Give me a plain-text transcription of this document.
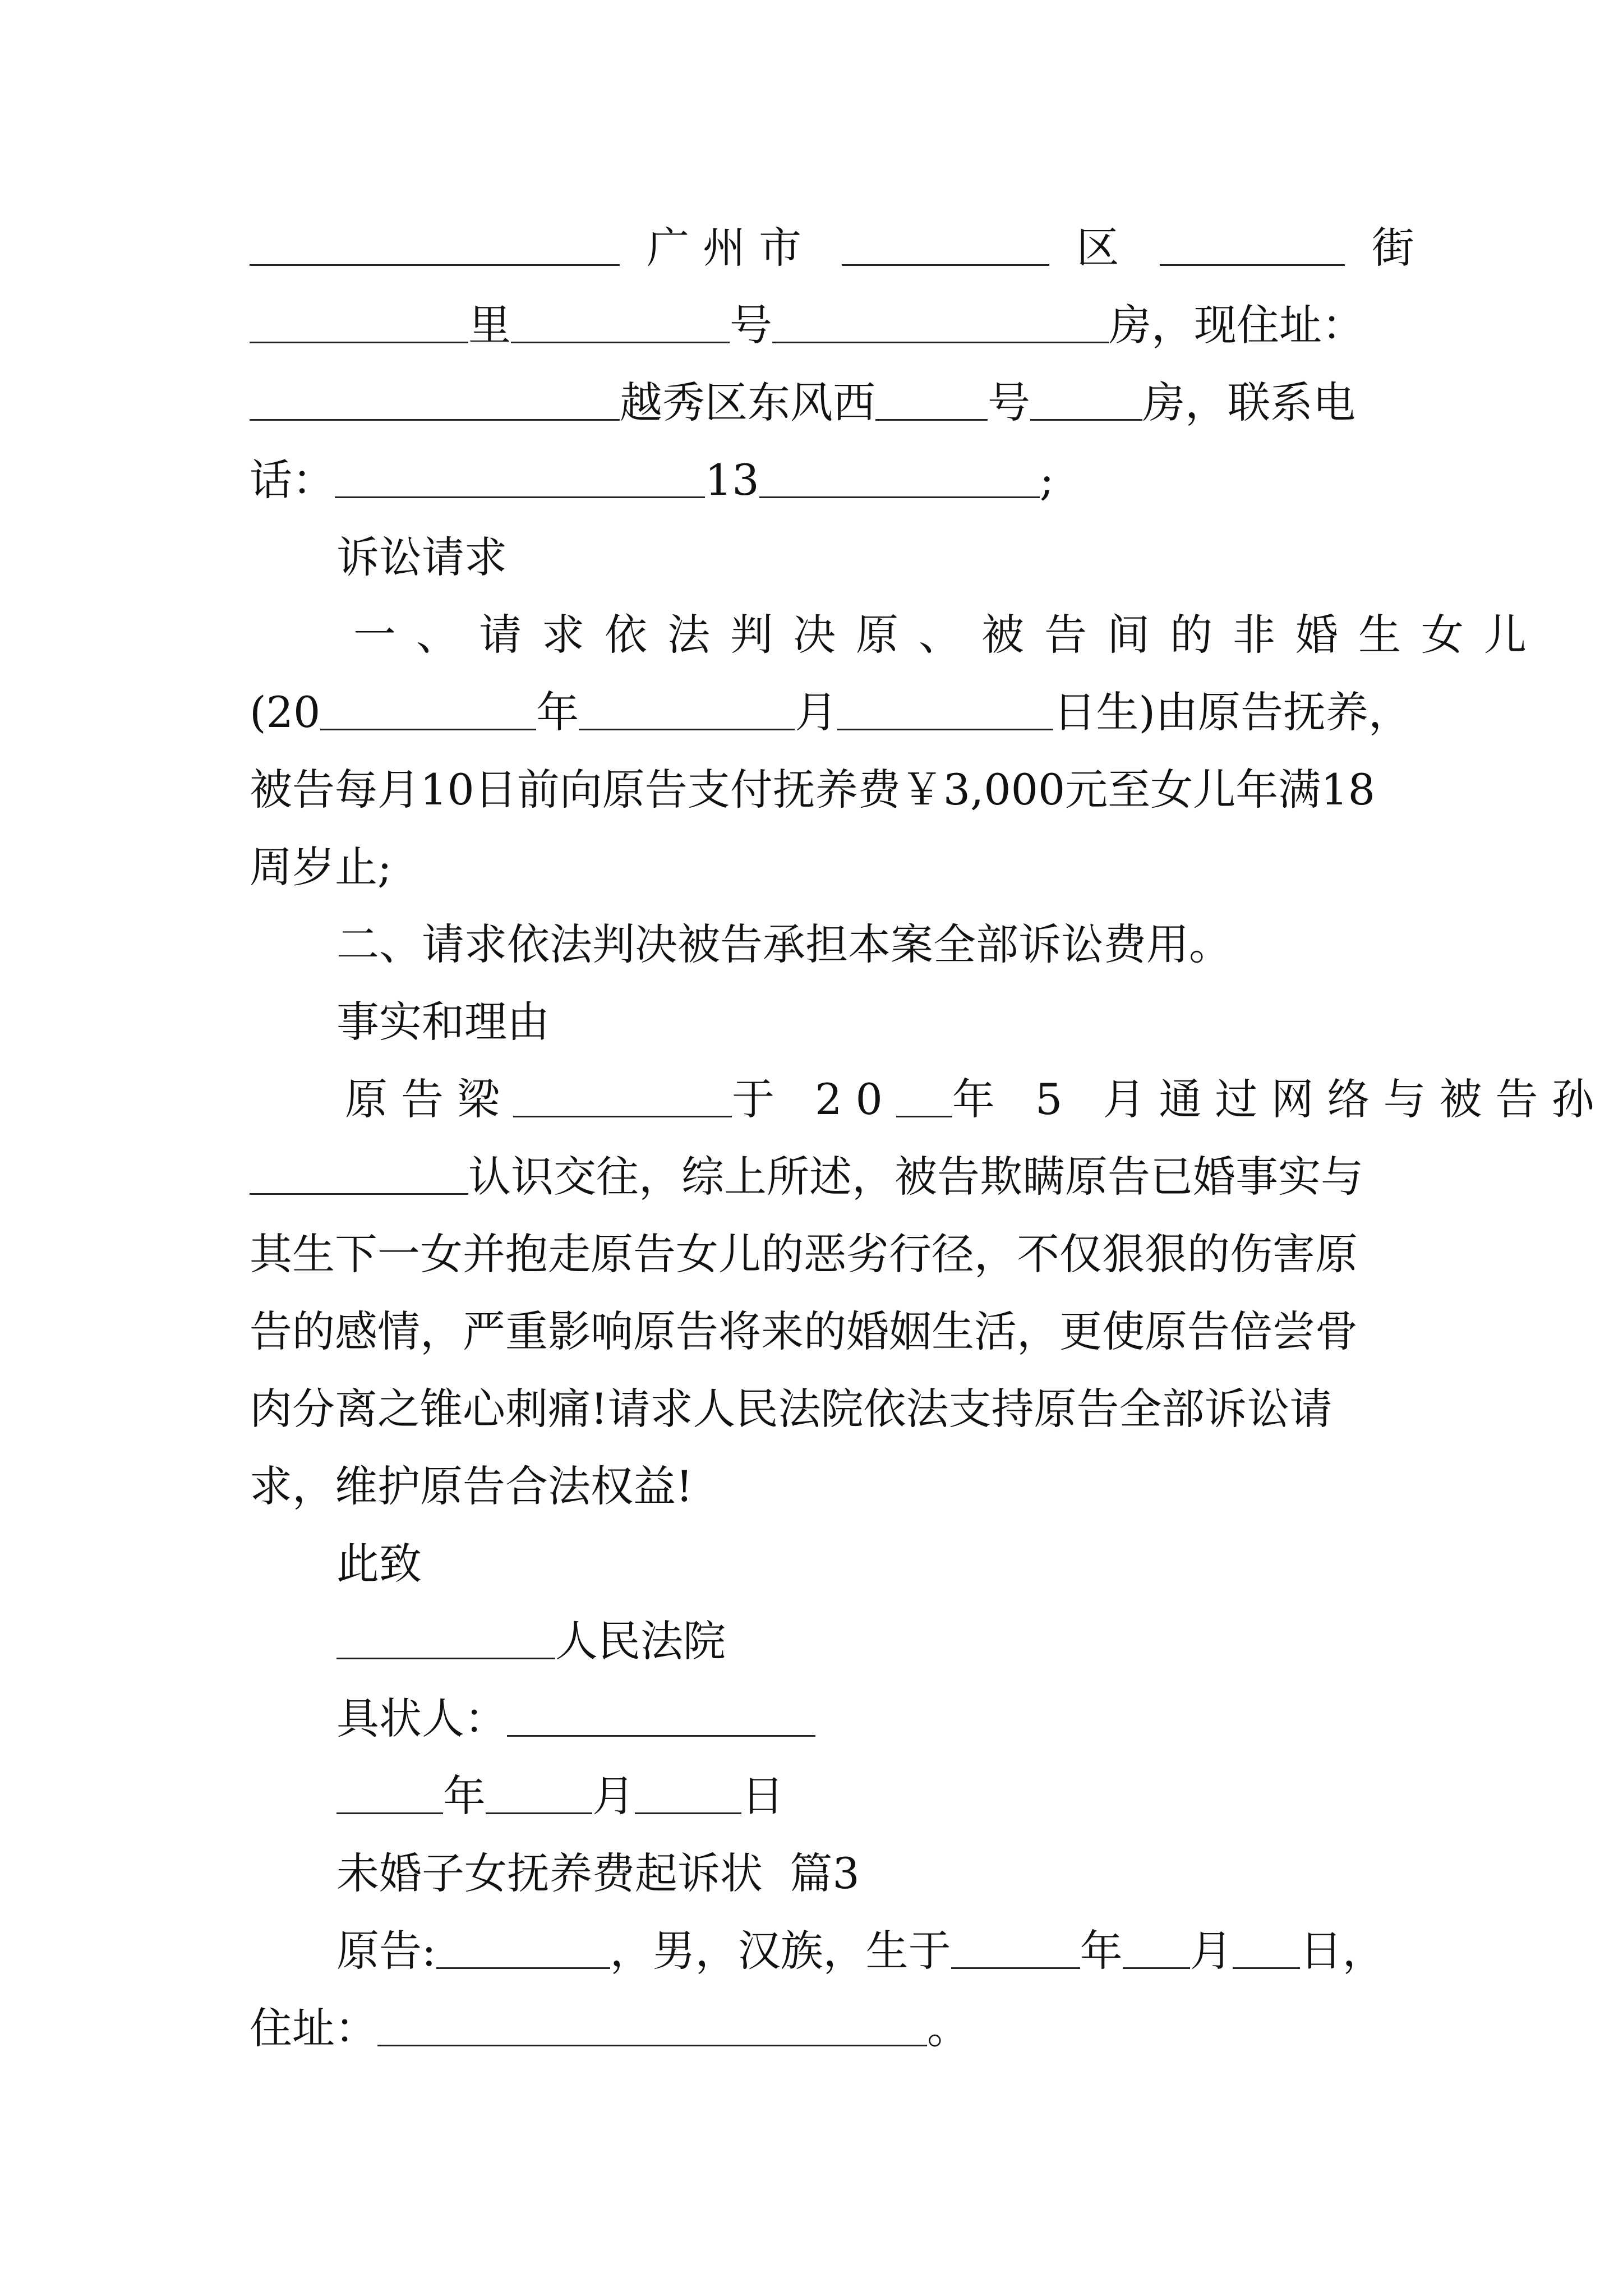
广州市	区	街
里	号	房，现住址：
越秀区东风西	号	房，联系电
话：	13	;
诉讼请求
一、请求依法判决原、被告间的非婚生女儿
(20	年	月	日生)由原告抚养，
被告每月10日前向原告支付抚养费￥3,000元至女儿年满18
周岁止;
二、请求依法判决被告承担本案全部诉讼费用。
事实和理由
原告梁	于 20 年 5 月通过网络与被告孙
认识交往，综上所述，被告欺瞒原告已婚事实与
其生下一女并抱走原告女儿的恶劣行径，不仅狠狠的伤害原
告的感情，严重影响原告将来的婚姻生活，更使原告倍尝骨
肉分离之锥心刺痛!请求人民法院依法支持原告全部诉讼请
求，维护原告合法权益!
此致
人民法院
具状人：
年	月	日
未婚子女抚养费起诉状  篇3
原告:	，男，汉族，生于	年 月 日，
住址：	。
